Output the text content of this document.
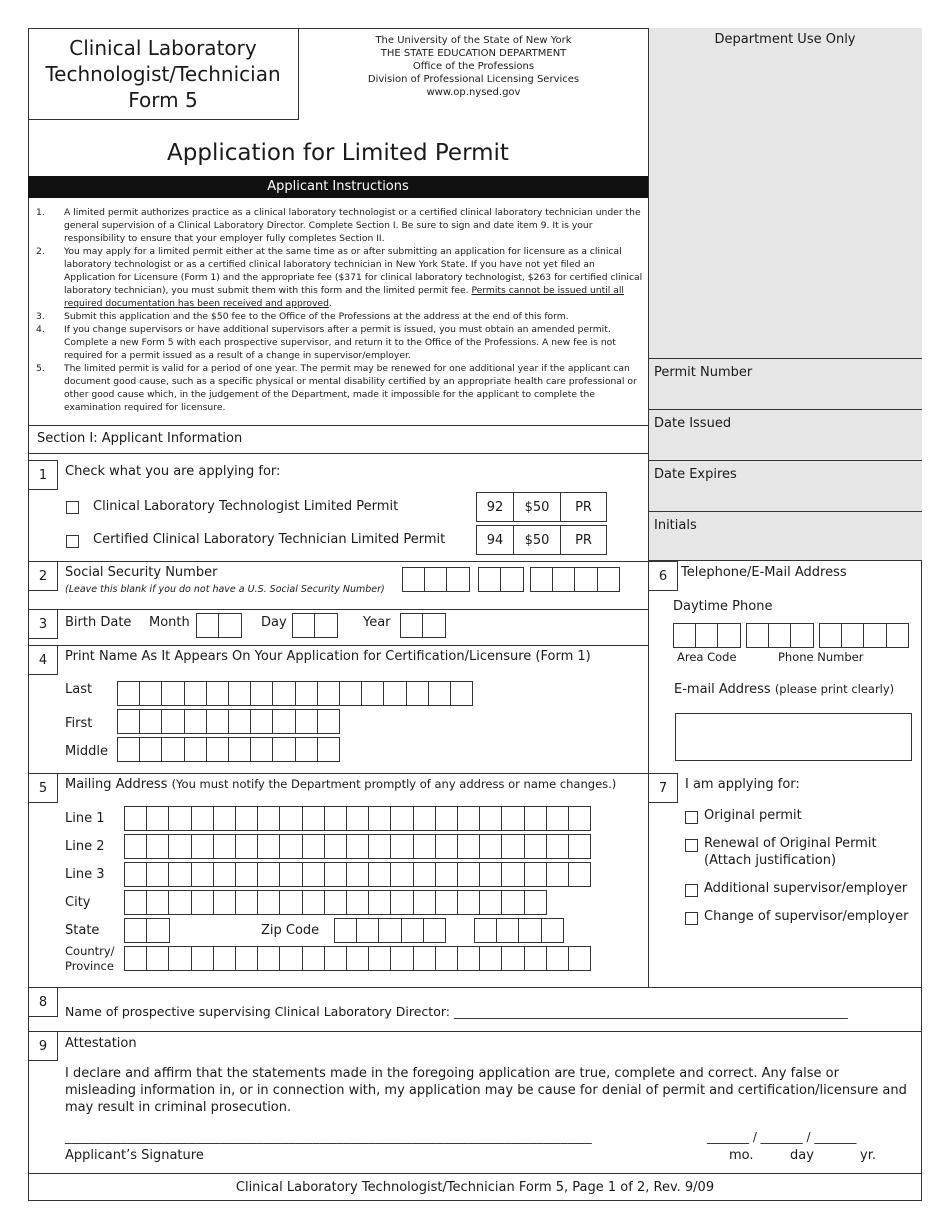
Department Use Only
Permit Number
Date Issued
Date Expires
Initials
Clinical Laboratory
Technologist/Technician
Form 5
The University of the State of New York
THE STATE EDUCATION DEPARTMENT
Office of the Professions
Division of Professional Licensing Services
www.op.nysed.gov
Application for Limited Permit
Applicant Instructions
1.	A limited permit authorizes practice as a clinical laboratory technologist or a certified clinical laboratory technician under the general supervision of a Clinical Laboratory Director. Complete Section I. Be sure to sign and date item 9. It is your responsibility to ensure that your employer fully completes Section II.
2.	You may apply for a limited permit either at the same time as or after submitting an application for licensure as a clinical laboratory technologist or as a certified clinical laboratory technician in New York State. If you have not yet filed an Application for Licensure (Form 1) and the appropriate fee ($371 for clinical laboratory technologist, $263 for certified clinical laboratory technician), you must submit them with this form and the limited permit fee. Permits cannot be issued until all required documentation has been received and approved.
3.	Submit this application and the $50 fee to the Office of the Professions at the address at the end of this form.
4.	If you change supervisors or have additional supervisors after a permit is issued, you must obtain an amended permit. Complete a new Form 5 with each prospective supervisor, and return it to the Office of the Professions. A new fee is not required for a permit issued as a result of a change in supervisor/employer.
5.	The limited permit is valid for a period of one year. The permit may be renewed for one additional year if the applicant can document good cause, such as a specific physical or mental disability certified by an appropriate health care professional or other good cause which, in the judgement of the Department, made it impossible for the applicant to complete the examination required for licensure.
Section I: Applicant Information
1	Check what you are applying for:
Clinical Laboratory Technologist Limited Permit	92	$50	PR
Certified Clinical Laboratory Technician Limited Permit	94	$50	PR
2	Social Security Number
(Leave this blank if you do not have a U.S. Social Security Number)
3	Birth Date Month	Day	Year
4	Print Name As It Appears On Your Application for Certification/Licensure (Form 1)
Last
First
Middle
5	Mailing Address (You must notify the Department promptly of any address or name changes.)
Line 1
Line 2
Line 3
City
State	Zip Code
Country/
Province
6	Telephone/E-Mail Address
Daytime Phone
Area Code	Phone Number
E-mail Address (please print clearly)
7	I am applying for:
Original permit
Renewal of Original Permit
(Attach justification)
Additional supervisor/employer
Change of supervisor/employer
8
Name of prospective supervising Clinical Laboratory Director: _______________________________________________________________
9	Attestation
I declare and affirm that the statements made in the foregoing application are true, complete and correct. Any false or misleading information in, or in connection with, my application may be cause for denial of permit and certification/licensure and may result in criminal prosecution.
_____________________________________________________________________________________	_______ / _______ / _______
Applicant’s Signature	mo.	day	yr.
Clinical Laboratory Technologist/Technician Form 5, Page 1 of 2, Rev. 9/09
